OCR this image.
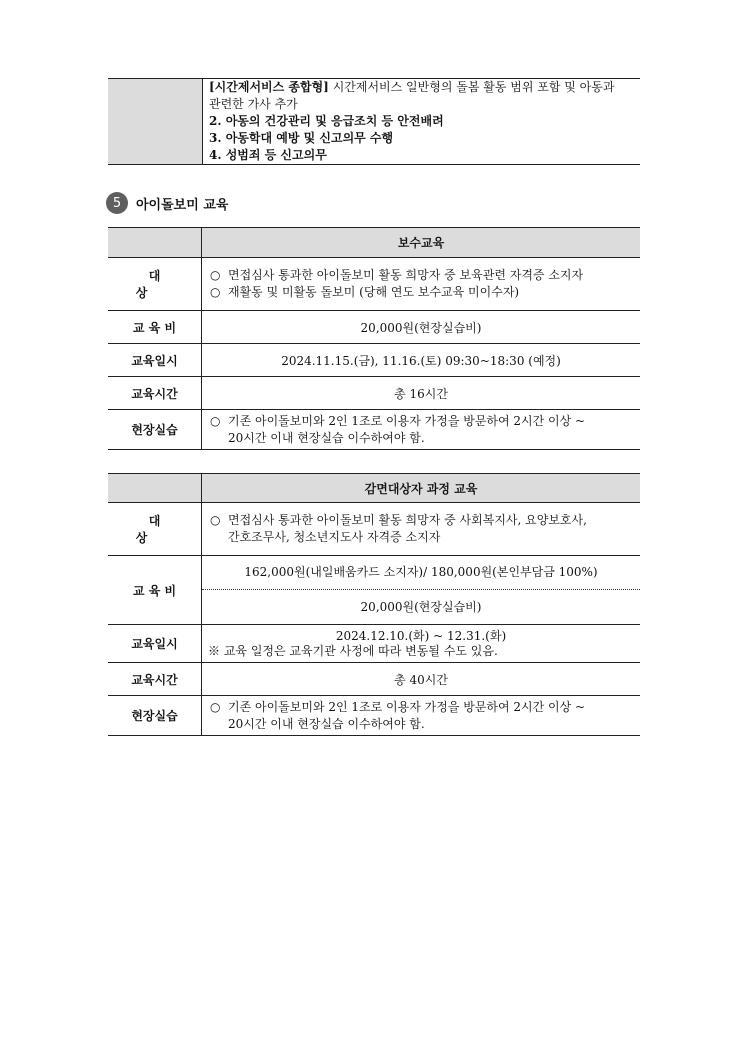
[시간제서비스 종합형] 시간제서비스 일반형의 돌봄 활동 범위 포함 및 아동과
관련한 가사 추가
2. 아동의 건강관리 및 응급조치 등 안전배려
3. 아동학대 예방 및 신고의무 수행
4. 성범죄 등 신고의무
5	아이돌보미 교육
	보수교육
대 상	○ 면접심사 통과한 아이돌보미 활동 희망자 중 보육관련 자격증 소지자
○ 재활동 및 미활동 돌보미 (당해 연도 보수교육 미이수자)

교 육 비	20,000원(현장실습비)
교육일시	2024.11.15.(금), 11.16.(토) 09:30~18:30 (예정)
교육시간	총 16시간
현장실습	○ 기존 아이돌보미와 2인 1조로 이용자 가정을 방문하여 2시간 이상 ~
20시간 이내 현장실습 이수하여야 함.
	감면대상자 과정 교육
대 상	○ 면접심사 통과한 아이돌보미 활동 희망자 중 사회복지사, 요양보호사,
간호조무사, 청소년지도사 자격증 소지자

교 육 비	162,000원(내일배움카드 소지자)/ 180,000원(본인부담금 100%)
20,000원(현장실습비)

교육일시	2024.12.10.(화) ~ 12.31.(화)
※ 교육 일정은 교육기관 사정에 따라 변동될 수도 있음.

교육시간	총 40시간
현장실습	○ 기존 아이돌보미와 2인 1조로 이용자 가정을 방문하여 2시간 이상 ~
20시간 이내 현장실습 이수하여야 함.
